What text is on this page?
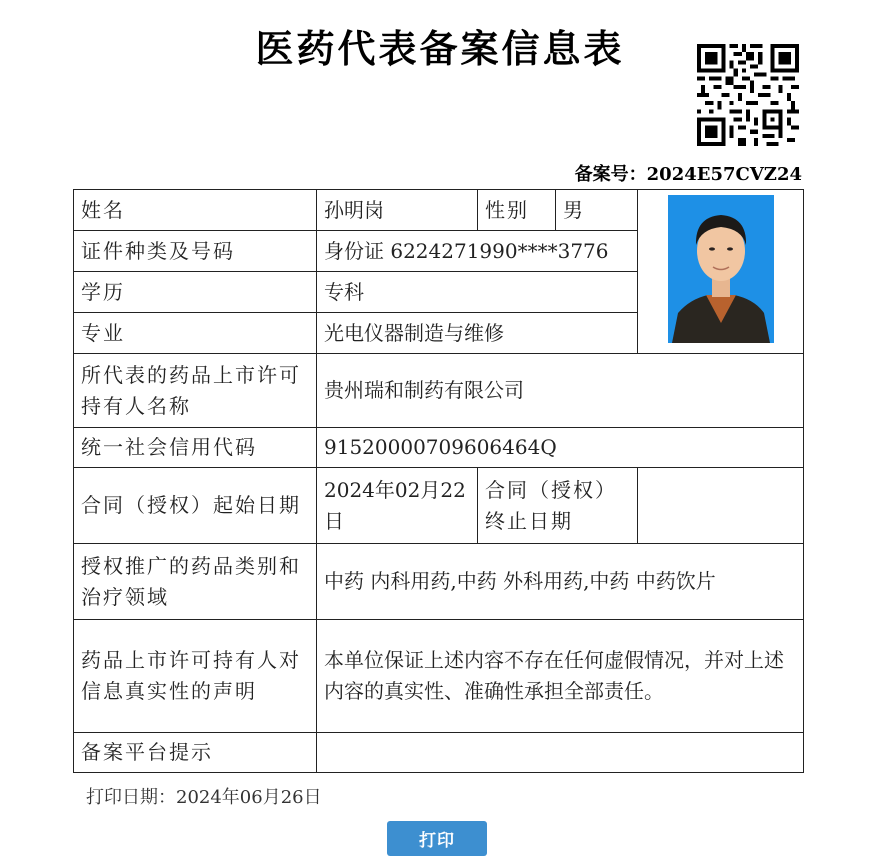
医药代表备案信息表
备案号：2024E57CVZ24
姓名	孙明岗	性别	男	
证件种类及号码	身份证 6224271990****3776			
学历	专科			
专业	光电仪器制造与维修			
所代表的药品上市许可持有人名称	贵州瑞和制药有限公司			
统一社会信用代码	91520000709606464Q			
合同（授权）起始日期	2024年02月22日	合同（授权）终止日期		
授权推广的药品类别和治疗领域	中药 内科用药,中药 外科用药,中药 中药饮片			
药品上市许可持有人对信息真实性的声明	本单位保证上述内容不存在任何虚假情况，并对上述内容的真实性、准确性承担全部责任。			
备案平台提示				
打印日期：2024年06月26日
打印
